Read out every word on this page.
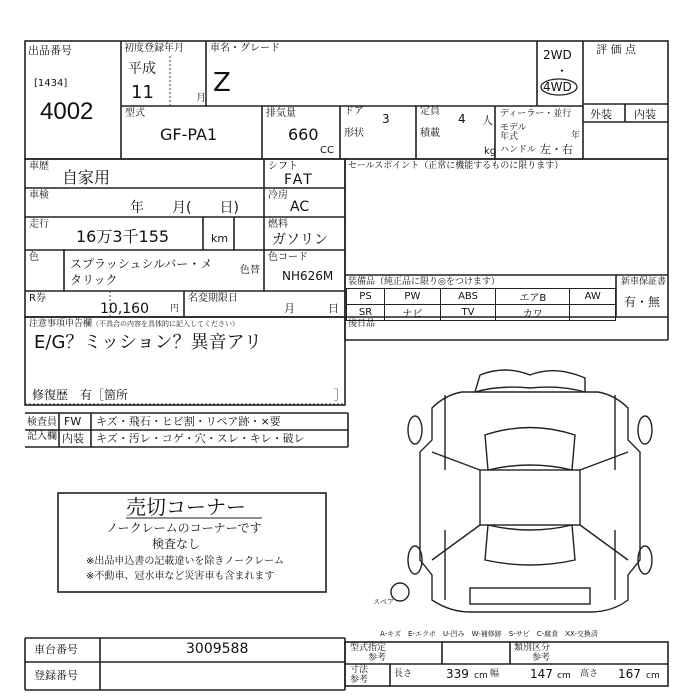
出品番号
[1434]
4002
初度登録年月
平成
11	月
車名・グレード
Z
2WD
・
4WD
評 価 点
外装 内装
型式
GF-PA1
排気量
660
CC
ドア
3
形状
定員
4 人
積載
kg
ディーラー・並行
モデル
年式	年
ハンドル 左・右
車歴
自家用
シフト
FAT
車検
年　　月(　　日)
冷房
AC
走行
16万3千155	km
燃料
ガソリン
色	スプラッシュシルバー・メ
タリック
色替
色コード
NH626M
R券
10,160 円
名変期限日
月	日
注意事項申告欄 （不具合の内容を具体的に記入してください）
E/G？ミッション？異音アリ
修復歴　有［箇所	］
検査員
記入欄
FW キズ・飛石・ヒビ割・リペア跡・×要
内装 キズ・汚レ・コゲ・穴・スレ・キレ・破レ
売切コーナー
ノークレームのコーナーです
検査なし
※出品申込書の記載違いを除きノークレーム
※不動車、冠水車など災害車も含まれます
セールスポイント（正常に機能するものに限ります）
装備品（純正品に限り◎をつけます）
PS	PW	ABS	エアB	AW
SR	ナビ	TV	カワ	
新車保証書
有・無
後日品
スペア
A-キズ　E-エクボ　U-凹み　W-補修跡　S-サビ　C-腐食　XX-交換済
車台番号	3009588
登録番号
型式指定
参考
類別区分
参考
寸法
参考
長さ	339 cm 幅	147 cm 高さ 167 cm
